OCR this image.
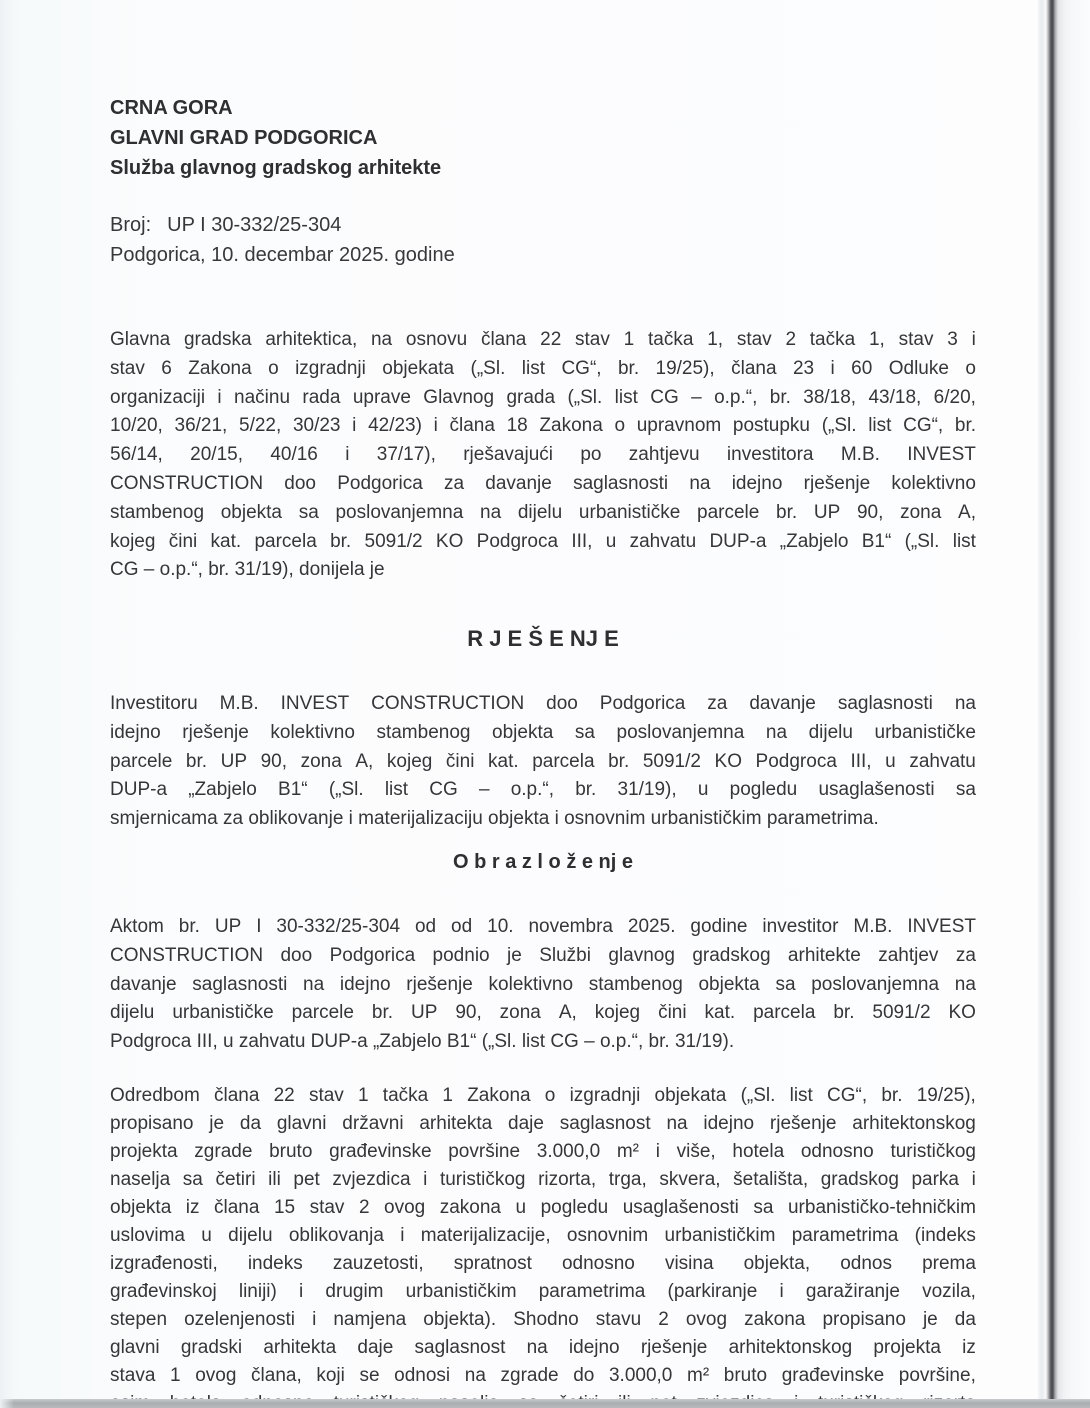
CRNA GORA
GLAVNI GRAD PODGORICA
Služba glavnog gradskog arhitekte
Broj: UP I 30-332/25-304
Podgorica, 10. decembar 2025. godine
Glavna gradska arhitektica, na osnovu člana 22 stav 1 tačka 1, stav 2 tačka 1, stav 3 i
stav 6 Zakona o izgradnji objekata („Sl. list CG“, br. 19/25), člana 23 i 60 Odluke o
organizaciji i načinu rada uprave Glavnog grada („Sl. list CG – o.p.“, br. 38/18, 43/18, 6/20,
10/20, 36/21, 5/22, 30/23 i 42/23) i člana 18 Zakona o upravnom postupku („Sl. list CG“, br.
56/14, 20/15, 40/16 i 37/17), rješavajući po zahtjevu investitora M.B. INVEST
CONSTRUCTION doo Podgorica za davanje saglasnosti na idejno rješenje kolektivno
stambenog objekta sa poslovanjemna na dijelu urbanističke parcele br. UP 90, zona A,
kojeg čini kat. parcela br. 5091/2 KO Podgroca III, u zahvatu DUP-a „Zabjelo B1“ („Sl. list
CG – o.p.“, br. 31/19), donijela je
R J E Š E NJ E
Investitoru M.B. INVEST CONSTRUCTION doo Podgorica za davanje saglasnosti na
idejno rješenje kolektivno stambenog objekta sa poslovanjemna na dijelu urbanističke
parcele br. UP 90, zona A, kojeg čini kat. parcela br. 5091/2 KO Podgroca III, u zahvatu
DUP-a „Zabjelo B1“ („Sl. list CG – o.p.“, br. 31/19), u pogledu usaglašenosti sa
smjernicama za oblikovanje i materijalizaciju objekta i osnovnim urbanističkim parametrima.
O b r a z l o ž e nj e
Aktom br. UP I 30-332/25-304 od od 10. novembra 2025. godine investitor M.B. INVEST
CONSTRUCTION doo Podgorica podnio je Službi glavnog gradskog arhitekte zahtjev za
davanje saglasnosti na idejno rješenje kolektivno stambenog objekta sa poslovanjemna na
dijelu urbanističke parcele br. UP 90, zona A, kojeg čini kat. parcela br. 5091/2 KO
Podgroca III, u zahvatu DUP-a „Zabjelo B1“ („Sl. list CG – o.p.“, br. 31/19).
Odredbom člana 22 stav 1 tačka 1 Zakona o izgradnji objekata („Sl. list CG“, br. 19/25),
propisano je da glavni državni arhitekta daje saglasnost na idejno rješenje arhitektonskog
projekta zgrade bruto građevinske površine 3.000,0 m² i više, hotela odnosno turističkog
naselja sa četiri ili pet zvjezdica i turističkog rizorta, trga, skvera, šetališta, gradskog parka i
objekta iz člana 15 stav 2 ovog zakona u pogledu usaglašenosti sa urbanističko-tehničkim
uslovima u dijelu oblikovanja i materijalizacije, osnovnim urbanističkim parametrima (indeks
izgrađenosti, indeks zauzetosti, spratnost odnosno visina objekta, odnos prema
građevinskoj liniji) i drugim urbanističkim parametrima (parkiranje i garažiranje vozila,
stepen ozelenjenosti i namjena objekta). Shodno stavu 2 ovog zakona propisano je da
glavni gradski arhitekta daje saglasnost na idejno rješenje arhitektonskog projekta iz
stava 1 ovog člana, koji se odnosi na zgrade do 3.000,0 m² bruto građevinske površine,
